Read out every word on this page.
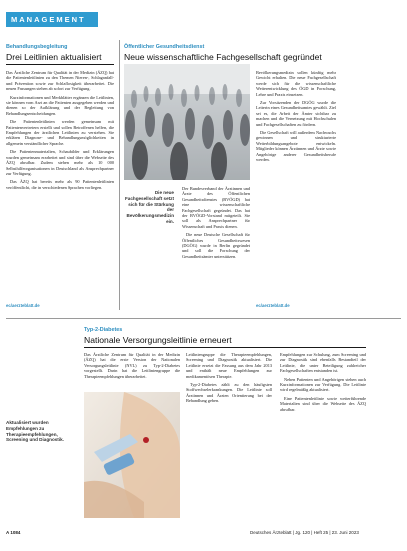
MANAGEMENT
Behandlungsbegleitung
Drei Leitlinien aktualisiert

Das Ärztliche Zentrum für Qualität in der Medizin (ÄZQ) hat die Patientenleitlinien zu den Themen Nieren-, Schlaganfall- und Prävention sowie zur Schlaflosigkeit überarbeitet. Die neuen Fassungen stehen ab sofort zur Verfügung.

Kurzinformationen und Merkblätter ergänzen die Leitlinien, sie können vom Arzt an die Patienten ausgegeben werden und dienen so der Aufklärung und der Begleitung von Behandlungsentscheidungen.

Die Patientenleitlinien werden gemeinsam mit Patientenvertretern erstellt und sollen Betroffenen helfen, die Empfehlungen der ärztlichen Leitlinien zu verstehen. Sie erklären Diagnose- und Behandlungsmöglichkeiten in allgemein verständlicher Sprache.

Die Patientenmaterialien, Schaubilder und Erklärungen wurden gemeinsam erarbeitet und sind über die Webseite des ÄZQ abrufbar. Zudem stehen mehr als 10 000 Selbsthilfeorganisationen in Deutschland als Ansprechpartner zur Verfügung.

Das ÄZQ hat bereits mehr als 90 Patientenleitlinien veröffentlicht, die in verschiedenen Sprachen vorliegen.

ec/aerzteblatt.de
Öffentlicher Gesundheitsdienst
Neue wissenschaftliche Fachgesellschaft gegründet
Die neue Fachgesellschaft setzt sich für die Stärkung der Bevölkerungsmedizin ein.

Der Bundesverband der Ärztinnen und Ärzte des Öffentlichen Gesundheitsdienstes (BVÖGD) hat eine wissenschaftliche Fachgesellschaft gegründet. Das hat der BVÖGD-Vorstand mitgeteilt. Sie soll als Ansprechpartner für Wissenschaft und Praxis dienen.

Die neue Deutsche Gesellschaft für Öffentliches Gesundheitswesen (DGÖG) wurde in Berlin gegründet und soll die Forschung der Gesundheitsämter unterstützen.

Bevölkerungsmedizin sollen künftig mehr Gewicht erhalten. Die neue Fachgesellschaft werde sich für die wissenschaftliche Weiterentwicklung des ÖGD in Forschung, Lehre und Praxis einsetzen.

Zur Vorsitzenden der DGÖG wurde die Leiterin eines Gesundheitsamtes gewählt. Ziel sei es, die Arbeit der Ämter sichtbar zu machen und die Vernetzung mit Hochschulen und Fachgesellschaften zu fördern.

Die Gesellschaft will außerdem Nachwuchs gewinnen und strukturierte Weiterbildungsangebote entwickeln. Mitglieder können Ärztinnen und Ärzte sowie Angehörige anderer Gesundheitsberufe werden.

ec/aerzteblatt.de
Typ-2-Diabetes
Nationale Versorgungsleitlinie erneuert
Aktualisiert wurden Empfehlungen zu Therapieempfehlungen, Screening und Diagnostik.

Das Ärztliche Zentrum für Qualität in der Medizin (ÄZQ) hat die erste Version der Nationalen Versorgungsleitlinie (NVL) zu Typ-2-Diabetes vorgestellt. Darin hat die Leitliniengruppe die Therapieempfehlungen überarbeitet.

Leitliniengruppe die Therapieempfehlungen, Screening und Diagnostik aktualisiert. Die Leitlinie ersetzt die Fassung aus dem Jahr 2013 und enthält neue Empfehlungen zur medikamentösen Therapie.

Typ-2-Diabetes zählt zu den häufigsten Stoffwechselerkrankungen. Die Leitlinie soll Ärztinnen und Ärzten Orientierung bei der Behandlung geben.

Empfehlungen zur Schulung, zum Screening und zur Diagnostik sind ebenfalls Bestandteil der Leitlinie, die unter Beteiligung zahlreicher Fachgesellschaften entstanden ist.

Neben Patienten und Angehörigen stehen auch Kurzinformationen zur Verfügung. Die Leitlinie wird regelmäßig aktualisiert.

Eine Patientenleitlinie sowie weiterführende Materialien sind über die Webseite des ÄZQ abrufbar.

A 1084	Deutsches Ärzteblatt | Jg. 120 | Heft 25 | 23. Juni 2023
